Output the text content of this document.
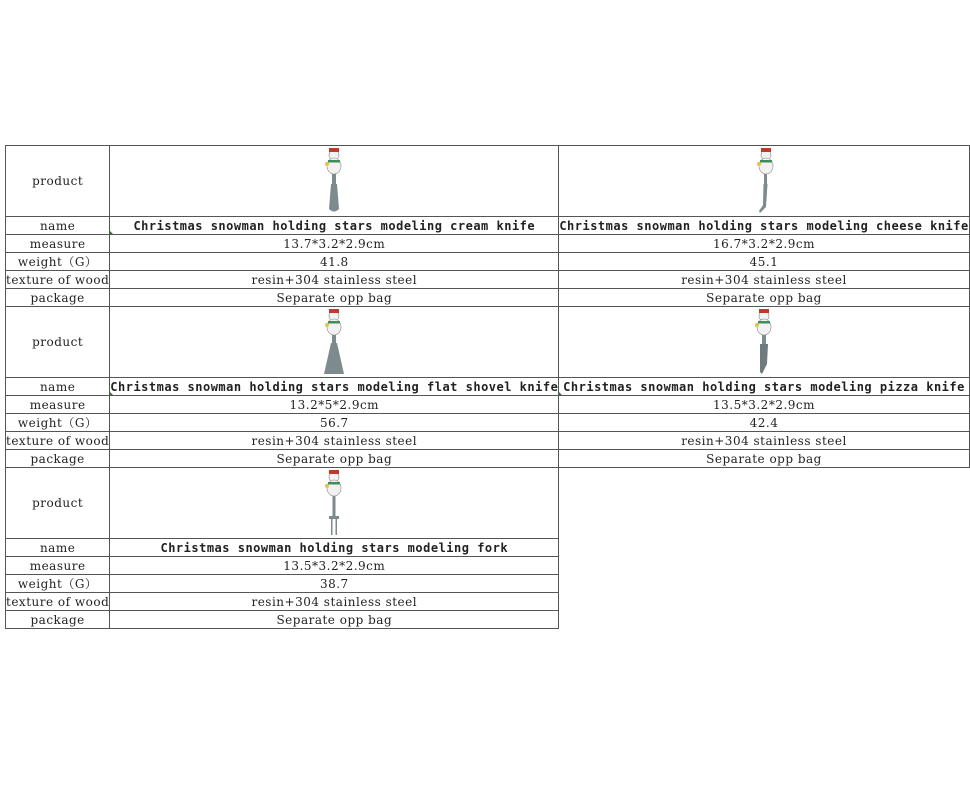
product	

name	Christmas snowman holding stars modeling cream knife	Christmas snowman holding stars modeling cheese knife
measure	13.7*3.2*2.9cm	16.7*3.2*2.9cm
weight（G）	41.8	45.1
texture of wood	resin+304 stainless steel	resin+304 stainless steel
package	Separate opp bag	Separate opp bag
product	

name	Christmas snowman holding stars modeling flat shovel knife	Christmas snowman holding stars modeling pizza knife
measure	13.2*5*2.9cm	13.5*3.2*2.9cm
weight（G）	56.7	42.4
texture of wood	resin+304 stainless steel	resin+304 stainless steel
package	Separate opp bag	Separate opp bag
product	

name	Christmas snowman holding stars modeling fork	
measure	13.5*3.2*2.9cm	
weight（G）	38.7	
texture of wood	resin+304 stainless steel	
package	Separate opp bag	
